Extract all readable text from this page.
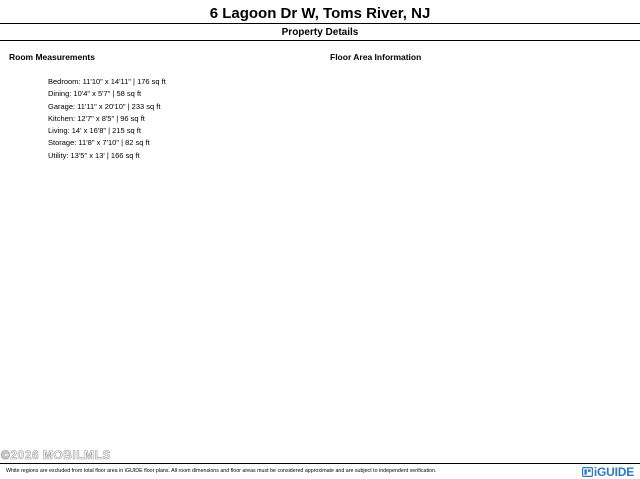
6 Lagoon Dr W, Toms River, NJ
Property Details
Room Measurements	Floor Area Information
Bedroom: 11'10" x 14'11" | 176 sq ft
Dining: 10'4" x 5'7" | 58 sq ft
Garage: 11'11" x 20'10" | 233 sq ft
Kitchen: 12'7" x 8'5" | 96 sq ft
Living: 14' x 16'8" | 215 sq ft
Storage: 11'8" x 7'10" | 82 sq ft
Utility: 13'5" x 13' | 166 sq ft
©2026 MOBILMLS
White regions are excluded from total floor area in iGUIDE floor plans. All room dimensions and floor areas must be considered approximate and are subject to independent verification.	iGUIDE
